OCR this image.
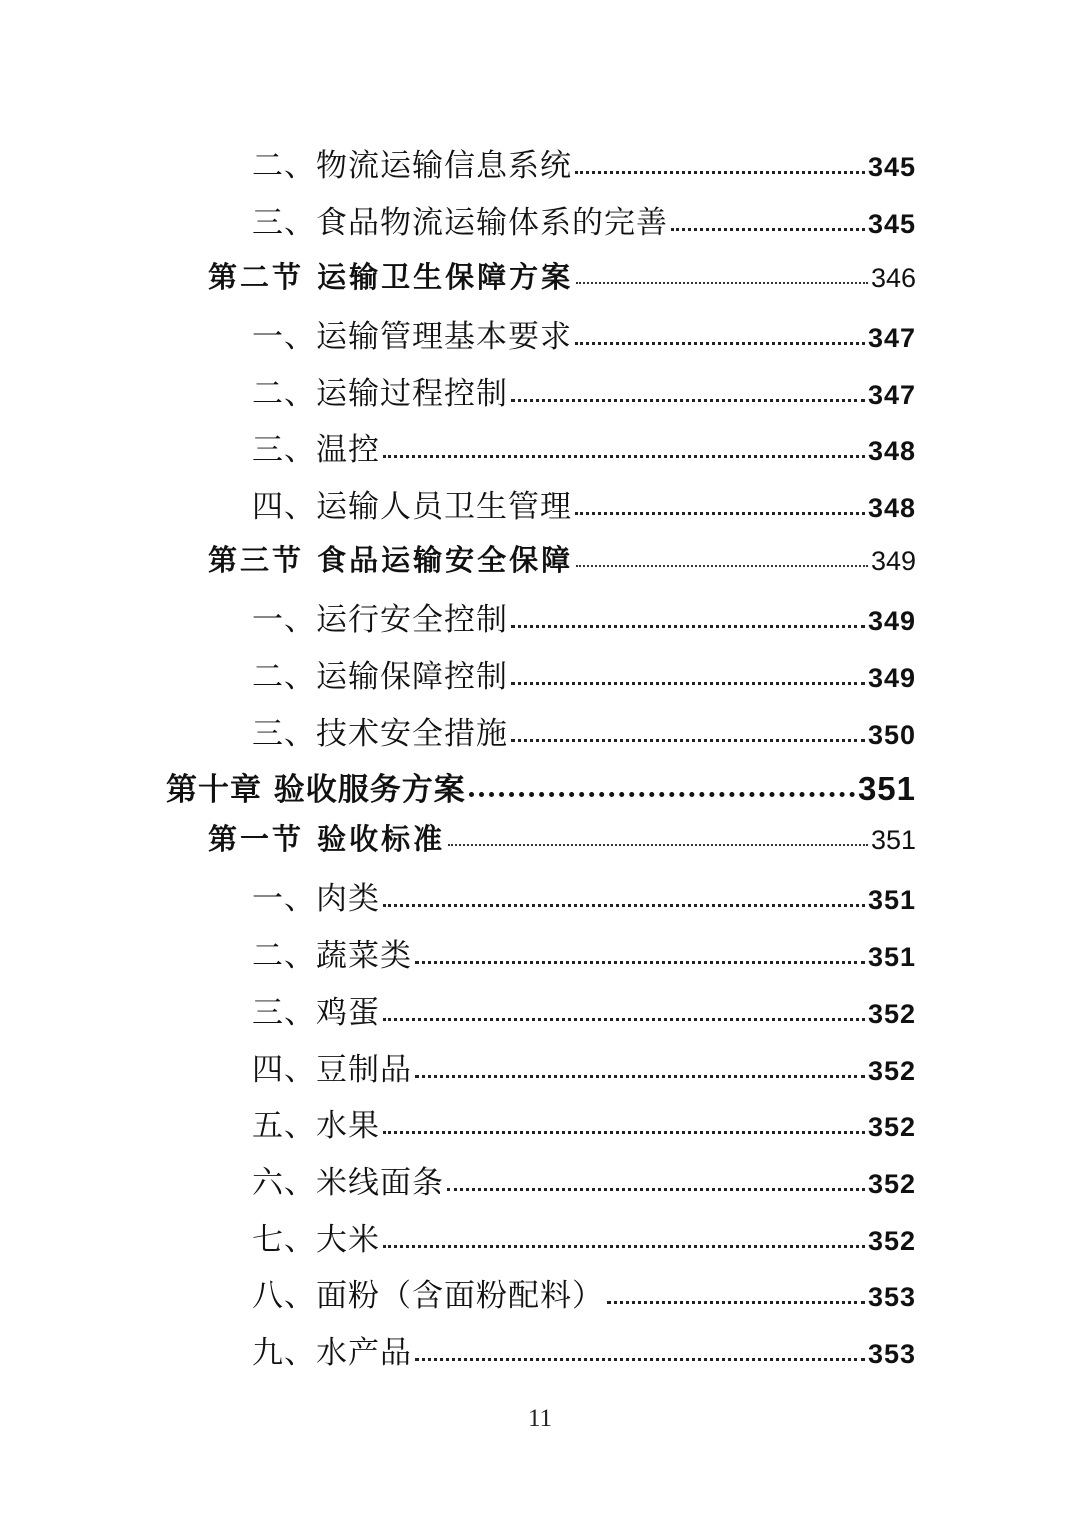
二、物流运输信息系统	345
三、食品物流运输体系的完善	345
第二节 运输卫生保障方案	346
一、运输管理基本要求	347
二、运输过程控制	347
三、温控	348
四、运输人员卫生管理	348
第三节 食品运输安全保障	349
一、运行安全控制	349
二、运输保障控制	349
三、技术安全措施	350
第十章 验收服务方案	351
第一节 验收标准	351
一、肉类	351
二、蔬菜类	351
三、鸡蛋	352
四、豆制品	352
五、水果	352
六、米线面条	352
七、大米	352
八、面粉（含面粉配料）	353
九、水产品	353
11
